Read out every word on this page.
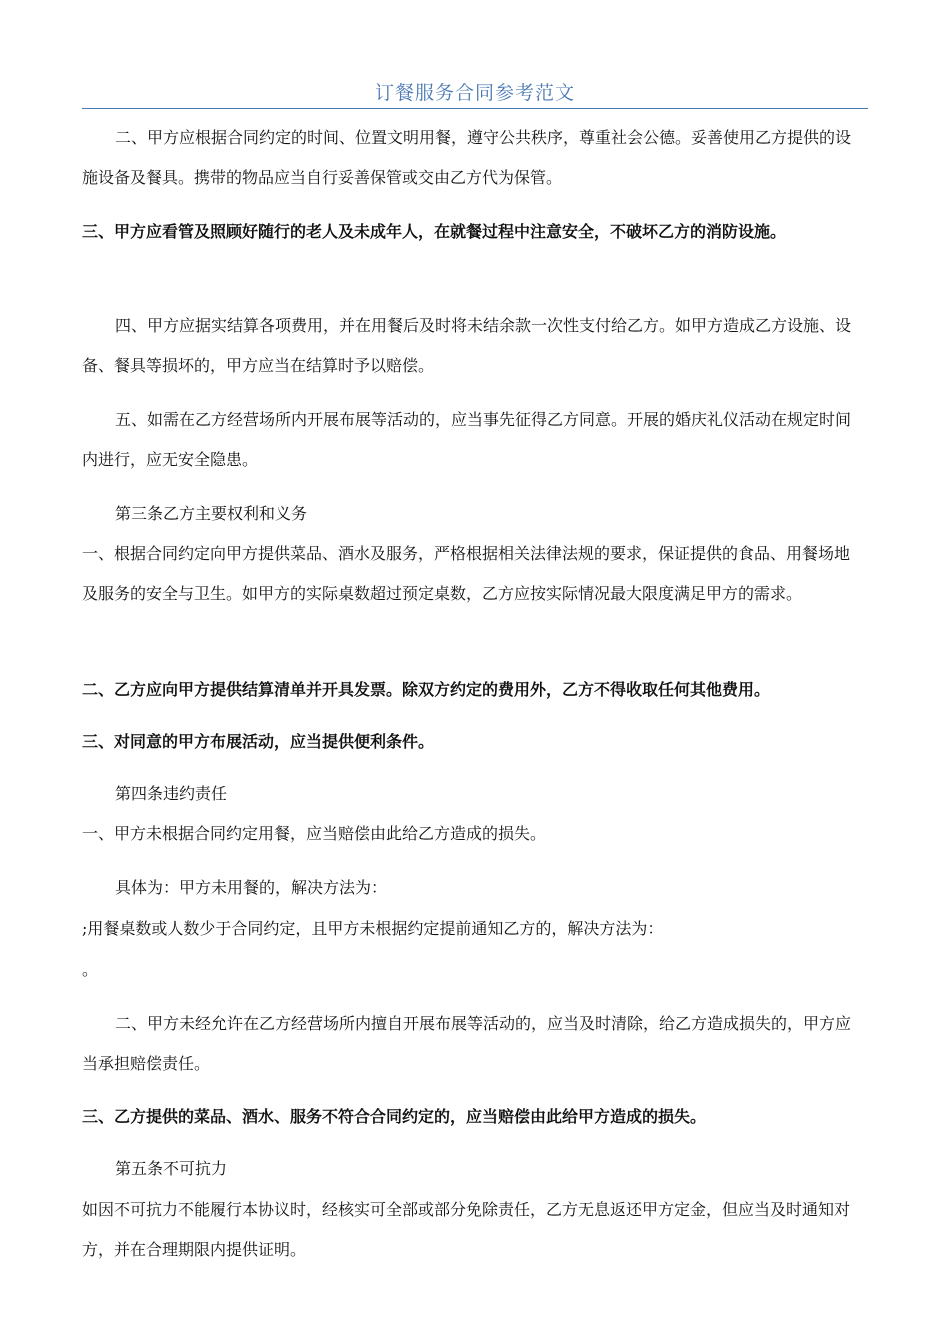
订餐服务合同参考范文

二、甲方应根据合同约定的时间、位置文明用餐，遵守公共秩序，尊重社会公德。妥善使用乙方提供的设施设备及餐具。携带的物品应当自行妥善保管或交由乙方代为保管。

三、甲方应看管及照顾好随行的老人及未成年人，在就餐过程中注意安全，不破坏乙方的消防设施。

四、甲方应据实结算各项费用，并在用餐后及时将未结余款一次性支付给乙方。如甲方造成乙方设施、设备、餐具等损坏的，甲方应当在结算时予以赔偿。

五、如需在乙方经营场所内开展布展等活动的，应当事先征得乙方同意。开展的婚庆礼仪活动在规定时间内进行，应无安全隐患。

第三条乙方主要权利和义务

一、根据合同约定向甲方提供菜品、酒水及服务，严格根据相关法律法规的要求，保证提供的食品、用餐场地及服务的安全与卫生。如甲方的实际桌数超过预定桌数，乙方应按实际情况最大限度满足甲方的需求。

二、乙方应向甲方提供结算清单并开具发票。除双方约定的费用外，乙方不得收取任何其他费用。

三、对同意的甲方布展活动，应当提供便利条件。

第四条违约责任

一、甲方未根据合同约定用餐，应当赔偿由此给乙方造成的损失。

具体为：甲方未用餐的，解决方法为：

;用餐桌数或人数少于合同约定，且甲方未根据约定提前通知乙方的，解决方法为：

。

二、甲方未经允许在乙方经营场所内擅自开展布展等活动的，应当及时清除，给乙方造成损失的，甲方应当承担赔偿责任。

三、乙方提供的菜品、酒水、服务不符合合同约定的，应当赔偿由此给甲方造成的损失。

第五条不可抗力

如因不可抗力不能履行本协议时，经核实可全部或部分免除责任，乙方无息返还甲方定金，但应当及时通知对方，并在合理期限内提供证明。
